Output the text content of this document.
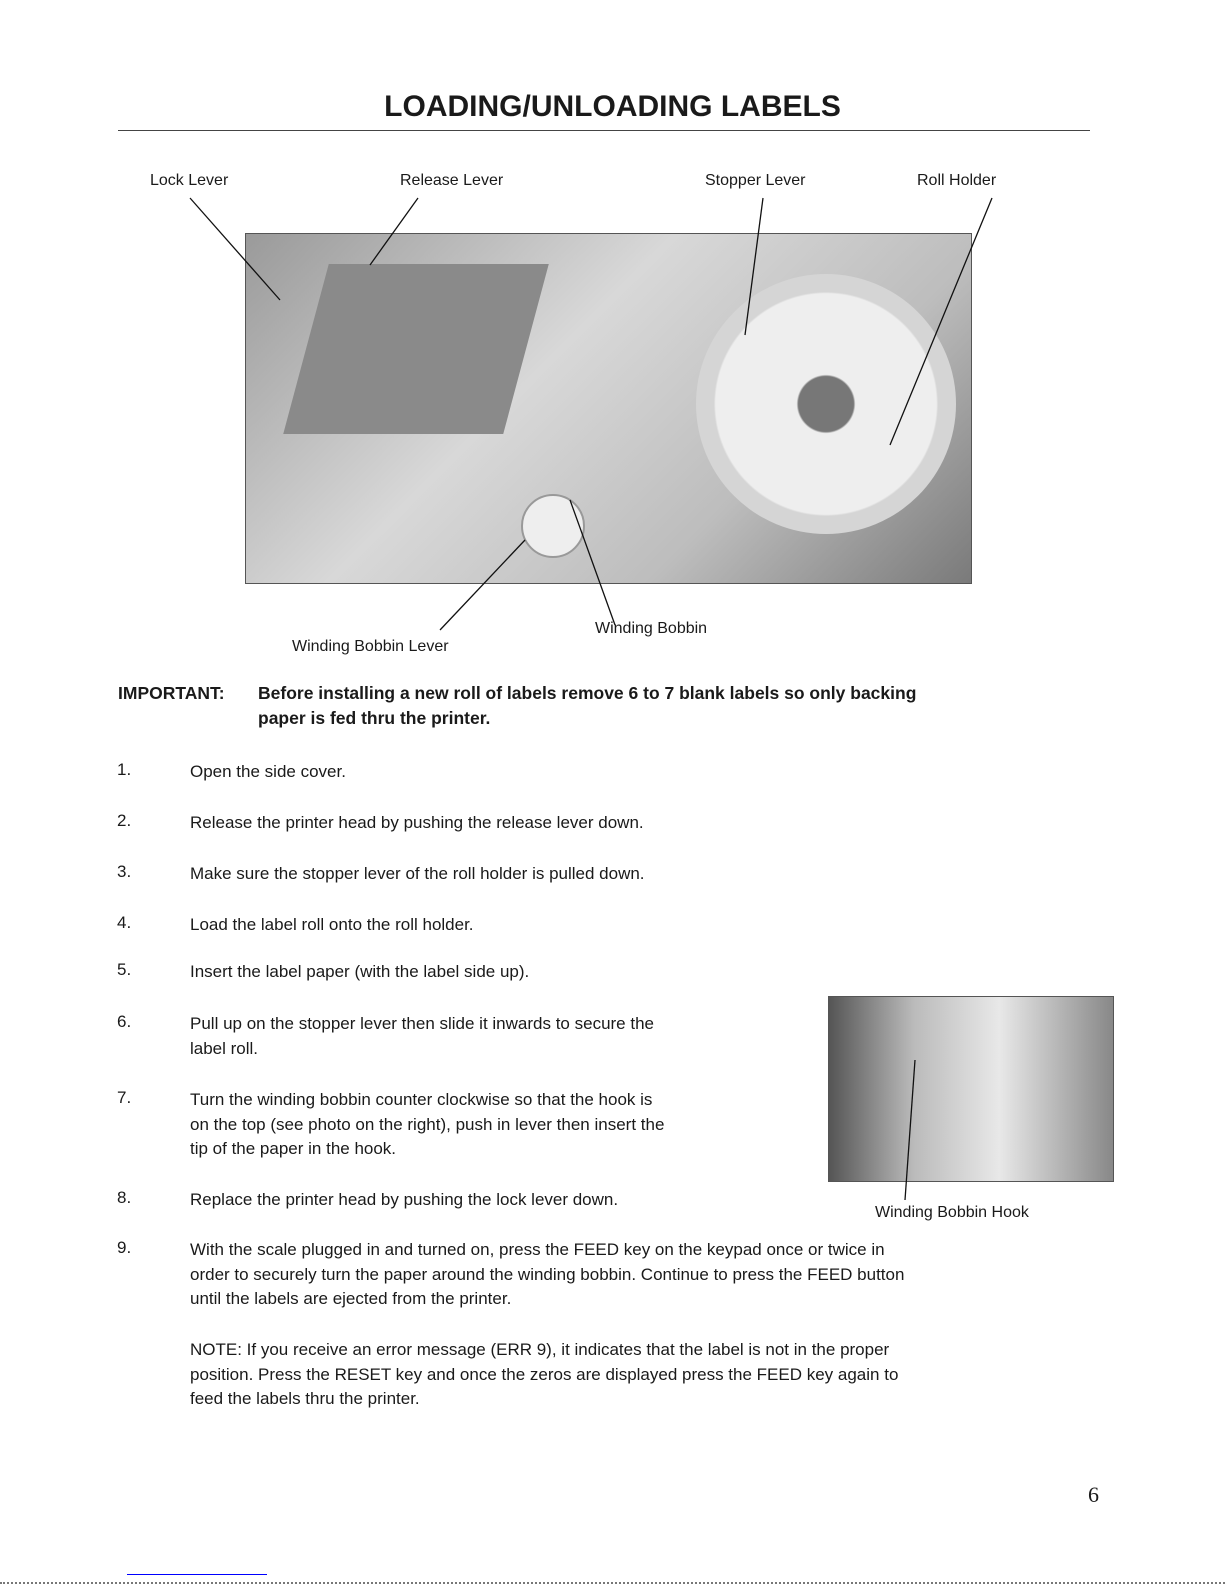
LOADING/UNLOADING LABELS
Lock Lever	Release Lever	Stopper Lever	Roll Holder
Winding Bobbin Lever
Winding Bobbin
IMPORTANT: Before installing a new roll of labels remove 6 to 7 blank labels so only backing
paper is fed thru the printer.
1.	Open the side cover.
2.	Release the printer head by pushing the release lever down.
3.	Make sure the stopper lever of the roll holder is pulled down.
4.	Load the label roll onto the roll holder.
5.	Insert the label paper (with the label side up).
6.	Pull up on the stopper lever then slide it inwards to secure the
label roll.
7.	Turn the winding bobbin counter clockwise so that the hook is
on the top (see photo on the right), push in lever then insert the
tip of the paper in the hook.
8.	Replace the printer head by pushing the lock lever down.
9.	With the scale plugged in and turned on, press the FEED key on the keypad once or twice in
order to securely turn the paper around the winding bobbin. Continue to press the FEED button
until the labels are ejected from the printer.
Winding Bobbin Hook
NOTE: If you receive an error message (ERR 9), it indicates that the label is not in the proper
position. Press the RESET key and once the zeros are displayed press the FEED key again to
feed the labels thru the printer.
6
